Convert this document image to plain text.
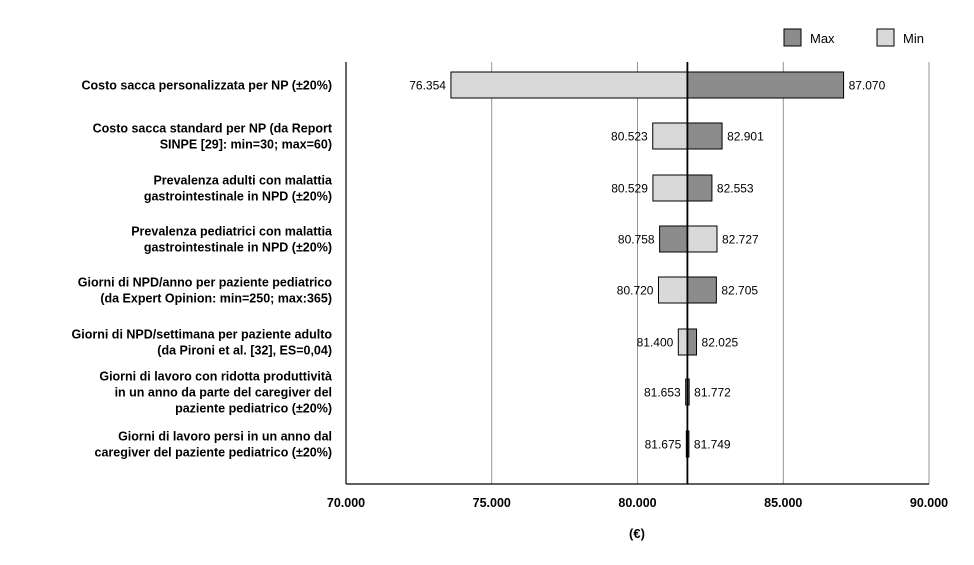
76.354	87.070
80.523	82.901
80.529	82.553
82.727
80.758
80.720	82.705
81.400 82.025
81.653 81.772
81.675 81.749
70.000	75.000	80.000	85.000	90.000
Costo sacca personalizzata per NP (±20%)
Costo sacca standard per NP (da Report
SINPE [29]: min=30; max=60)
Prevalenza adulti con malattia
gastrointestinale in NPD (±20%)
Prevalenza pediatrici con malattia
gastrointestinale in NPD (±20%)
Giorni di NPD/anno per paziente pediatrico
(da Expert Opinion: min=250; max:365)
Giorni di NPD/settimana per paziente adulto
(da Pironi et al. [32], ES=0,04)
Giorni di lavoro con ridotta produttività
in un anno da parte del caregiver del
paziente pediatrico (±20%)
Giorni di lavoro persi in un anno dal
caregiver del paziente pediatrico (±20%)
Max	Min
(€)
